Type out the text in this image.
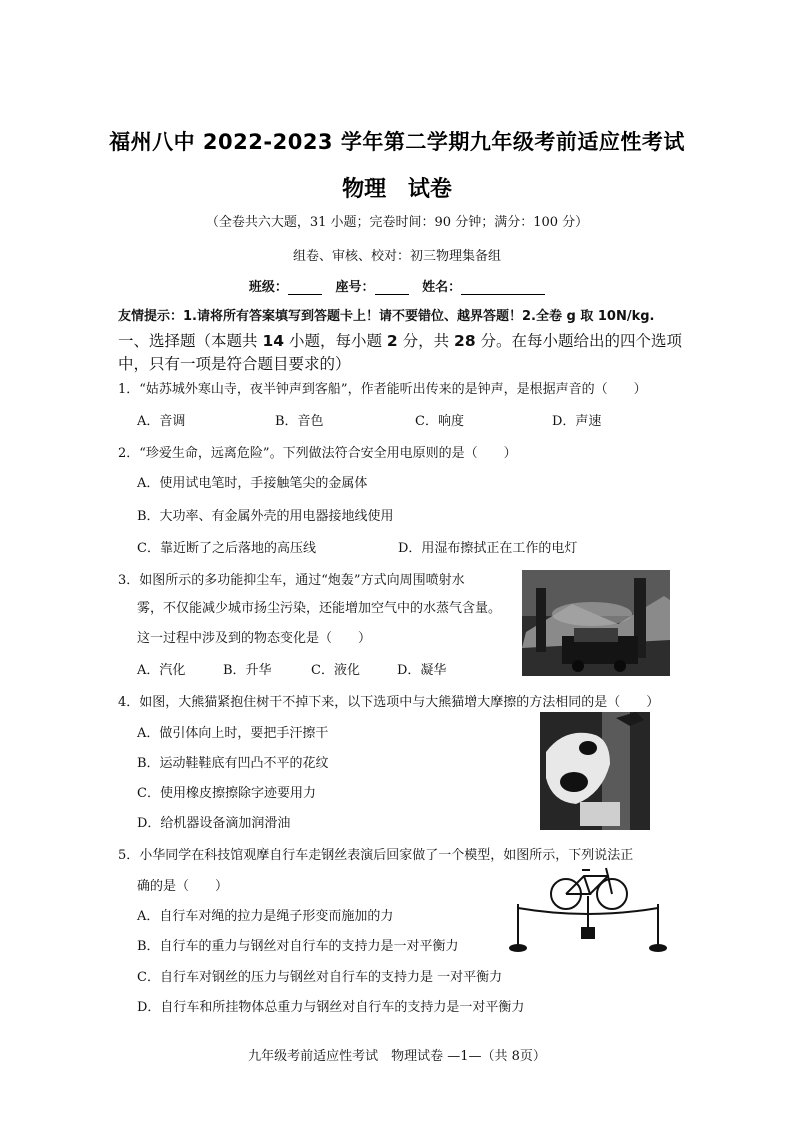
福州八中 2022-2023 学年第二学期九年级考前适应性考试
物理 试卷
（全卷共六大题，31 小题；完卷时间：90 分钟；满分：100 分）
组卷、审核、校对：初三物理集备组
班级：	座号：	姓名：
友情提示：1.请将所有答案填写到答题卡上！请不要错位、越界答题！2.全卷 g 取 10N/kg.
一、选择题（本题共 14 小题，每小题 2 分，共 28 分。在每小题给出的四个选项中，只有一项是符合题目要求的）
1．“姑苏城外寒山寺，夜半钟声到客船”，作者能听出传来的是钟声，是根据声音的（　　）
A．音调	B．音色	C．响度	D．声速
2．“珍爱生命，远离危险”。下列做法符合安全用电原则的是（　　）
A．使用试电笔时，手接触笔尖的金属体
B．大功率、有金属外壳的用电器接地线使用
C．靠近断了之后落地的高压线	D．用湿布擦拭正在工作的电灯
3．如图所示的多功能抑尘车，通过“炮轰”方式向周围喷射水
雾，不仅能减少城市扬尘污染，还能增加空气中的水蒸气含量。
这一过程中涉及到的物态变化是（　　）
A．汽化	B．升华	C．液化	D．凝华
4．如图，大熊猫紧抱住树干不掉下来，以下选项中与大熊猫增大摩擦的方法相同的是（　　）
A．做引体向上时，要把手汗擦干
B．运动鞋鞋底有凹凸不平的花纹
C．使用橡皮擦擦除字迹要用力
D．给机器设备滴加润滑油
5．小华同学在科技馆观摩自行车走钢丝表演后回家做了一个模型，如图所示，下列说法正
确的是（　　）
A．自行车对绳的拉力是绳子形变而施加的力
B．自行车的重力与钢丝对自行车的支持力是一对平衡力
C．自行车对钢丝的压力与钢丝对自行车的支持力是 一对平衡力
D．自行车和所挂物体总重力与钢丝对自行车的支持力是一对平衡力
九年级考前适应性考试　物理试卷 —1—（共 8页）
